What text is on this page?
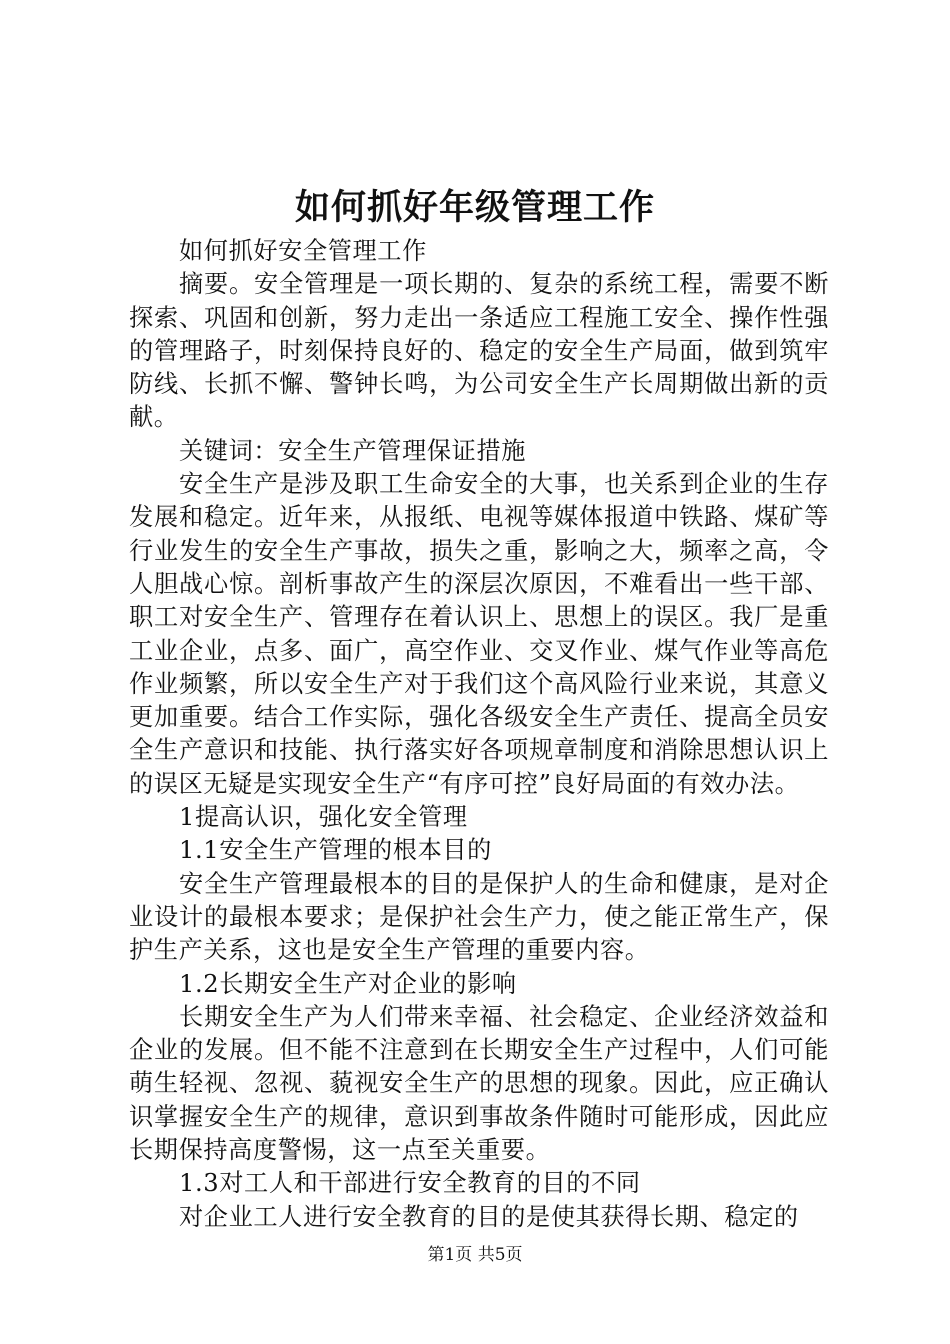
如何抓好年级管理工作

如何抓好安全管理工作

摘要。安全管理是一项长期的、复杂的系统工程，需要不断探索、巩固和创新，努力走出一条适应工程施工安全、操作性强的管理路子，时刻保持良好的、稳定的安全生产局面，做到筑牢防线、长抓不懈、警钟长鸣，为公司安全生产长周期做出新的贡献。

关键词：安全生产管理保证措施

安全生产是涉及职工生命安全的大事，也关系到企业的生存发展和稳定。近年来，从报纸、电视等媒体报道中铁路、煤矿等行业发生的安全生产事故，损失之重，影响之大，频率之高，令人胆战心惊。剖析事故产生的深层次原因，不难看出一些干部、职工对安全生产、管理存在着认识上、思想上的误区。我厂是重工业企业，点多、面广，高空作业、交叉作业、煤气作业等高危作业频繁，所以安全生产对于我们这个高风险行业来说，其意义更加重要。结合工作实际，强化各级安全生产责任、提高全员安全生产意识和技能、执行落实好各项规章制度和消除思想认识上的误区无疑是实现安全生产“有序可控”良好局面的有效办法。

1提高认识，强化安全管理

1.1安全生产管理的根本目的

安全生产管理最根本的目的是保护人的生命和健康，是对企业设计的最根本要求；是保护社会生产力，使之能正常生产，保护生产关系，这也是安全生产管理的重要内容。

1.2长期安全生产对企业的影响

长期安全生产为人们带来幸福、社会稳定、企业经济效益和企业的发展。但不能不注意到在长期安全生产过程中，人们可能萌生轻视、忽视、藐视安全生产的思想的现象。因此，应正确认识掌握安全生产的规律，意识到事故条件随时可能形成，因此应长期保持高度警惕，这一点至关重要。

1.3对工人和干部进行安全教育的目的不同

对企业工人进行安全教育的目的是使其获得长期、稳定的

第1页 共5页
